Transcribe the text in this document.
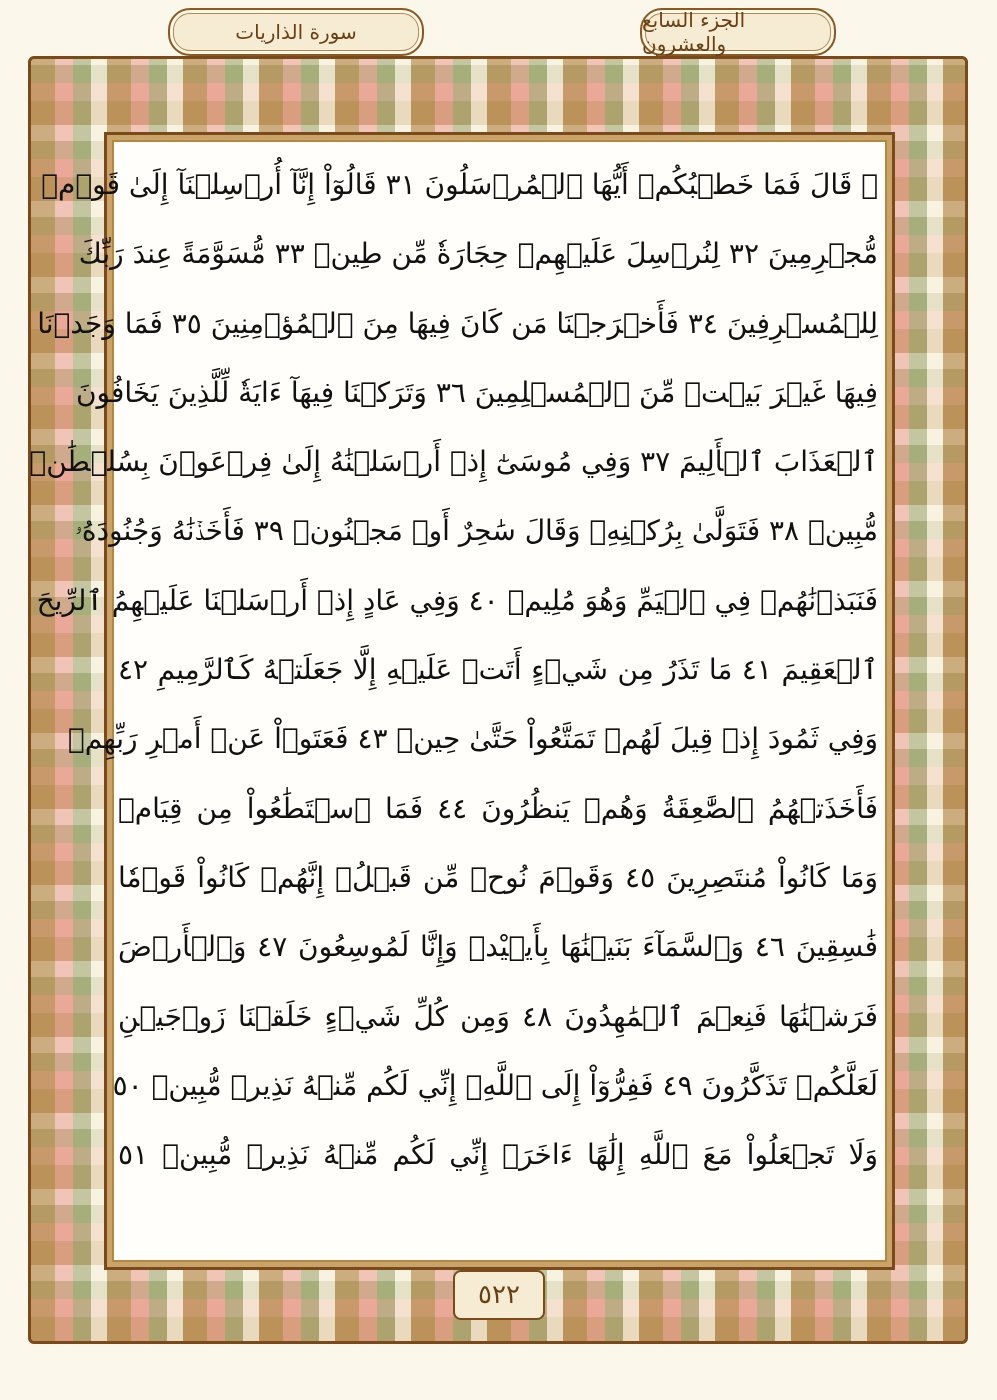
سورة الذاريات	الجزء السابع والعشرون
۞ قَالَ فَمَا خَطۡبُكُمۡ أَيُّهَا ٱلۡمُرۡسَلُونَ ٣١ قَالُوٓاْ إِنَّآ أُرۡسِلۡنَآ إِلَىٰ قَوۡمٖ
مُّجۡرِمِينَ ٣٢ لِنُرۡسِلَ عَلَيۡهِمۡ حِجَارَةٗ مِّن طِينٖ ٣٣ مُّسَوَّمَةً عِندَ رَبِّكَ
لِلۡمُسۡرِفِينَ ٣٤ فَأَخۡرَجۡنَا مَن كَانَ فِيهَا مِنَ ٱلۡمُؤۡمِنِينَ ٣٥ فَمَا وَجَدۡنَا
فِيهَا غَيۡرَ بَيۡتٖ مِّنَ ٱلۡمُسۡلِمِينَ ٣٦ وَتَرَكۡنَا فِيهَآ ءَايَةٗ لِّلَّذِينَ يَخَافُونَ
ٱلۡعَذَابَ ٱلۡأَلِيمَ ٣٧ وَفِي مُوسَىٰٓ إِذۡ أَرۡسَلۡنَٰهُ إِلَىٰ فِرۡعَوۡنَ بِسُلۡطَٰنٖ
مُّبِينٖ ٣٨ فَتَوَلَّىٰ بِرُكۡنِهِۦ وَقَالَ سَٰحِرٌ أَوۡ مَجۡنُونٞ ٣٩ فَأَخَذۡنَٰهُ وَجُنُودَهُۥ
فَنَبَذۡنَٰهُمۡ فِي ٱلۡيَمِّ وَهُوَ مُلِيمٞ ٤٠ وَفِي عَادٍ إِذۡ أَرۡسَلۡنَا عَلَيۡهِمُ ٱلرِّيحَ
ٱلۡعَقِيمَ ٤١ مَا تَذَرُ مِن شَيۡءٍ أَتَتۡ عَلَيۡهِ إِلَّا جَعَلَتۡهُ كَٱلرَّمِيمِ ٤٢
وَفِي ثَمُودَ إِذۡ قِيلَ لَهُمۡ تَمَتَّعُواْ حَتَّىٰ حِينٖ ٤٣ فَعَتَوۡاْ عَنۡ أَمۡرِ رَبِّهِمۡ
فَأَخَذَتۡهُمُ ٱلصَّٰعِقَةُ وَهُمۡ يَنظُرُونَ ٤٤ فَمَا ٱسۡتَطَٰعُواْ مِن قِيَامٖ
وَمَا كَانُواْ مُنتَصِرِينَ ٤٥ وَقَوۡمَ نُوحٖ مِّن قَبۡلُۖ إِنَّهُمۡ كَانُواْ قَوۡمٗا
فَٰسِقِينَ ٤٦ وَٱلسَّمَآءَ بَنَيۡنَٰهَا بِأَيۡيْدٖ وَإِنَّا لَمُوسِعُونَ ٤٧ وَٱلۡأَرۡضَ
فَرَشۡنَٰهَا فَنِعۡمَ ٱلۡمَٰهِدُونَ ٤٨ وَمِن كُلِّ شَيۡءٍ خَلَقۡنَا زَوۡجَيۡنِ
لَعَلَّكُمۡ تَذَكَّرُونَ ٤٩ فَفِرُّوٓاْ إِلَى ٱللَّهِۖ إِنِّي لَكُم مِّنۡهُ نَذِيرٞ مُّبِينٞ ٥٠
وَلَا تَجۡعَلُواْ مَعَ ٱللَّهِ إِلَٰهًا ءَاخَرَۖ إِنِّي لَكُم مِّنۡهُ نَذِيرٞ مُّبِينٞ ٥١
٥٢٢
